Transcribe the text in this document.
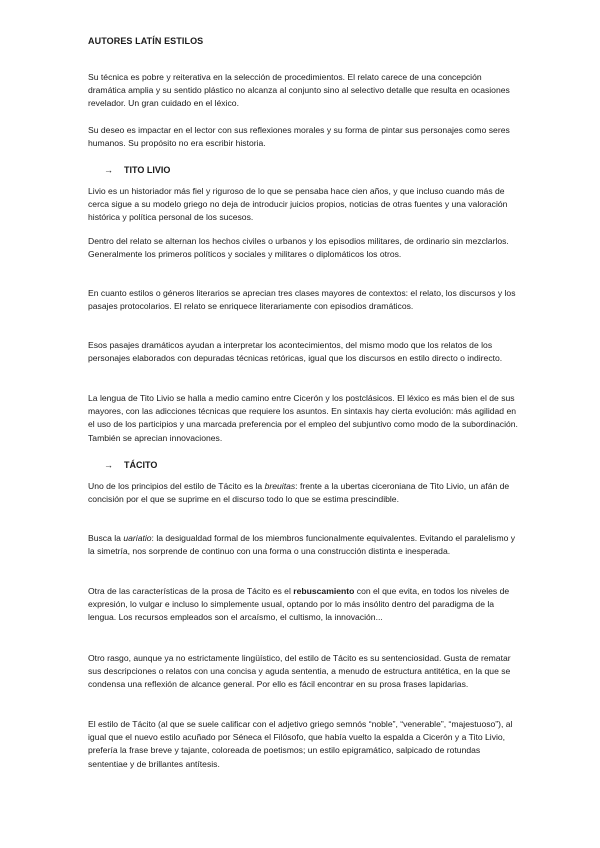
AUTORES LATÍN ESTILOS

Su técnica es pobre y reiterativa en la selección de procedimientos. El relato carece de una concepción dramática amplia y su sentido plástico no alcanza al conjunto sino al selectivo detalle que resulta en ocasiones revelador. Un gran cuidado en el léxico.

Su deseo es impactar en el lector con sus reflexiones morales y su forma de pintar sus personajes como seres humanos. Su propósito no era escribir historia.

→ TITO LIVIO

Livio es un historiador más fiel y riguroso de lo que se pensaba hace cien años, y que incluso cuando más de cerca sigue a su modelo griego no deja de introducir juicios propios, noticias de otras fuentes y una valoración histórica y política personal de los sucesos.

Dentro del relato se alternan los hechos civiles o urbanos y los episodios militares, de ordinario sin mezclarlos. Generalmente los primeros políticos y sociales y militares o diplomáticos los otros.

En cuanto estilos o géneros literarios se aprecian tres clases mayores de contextos: el relato, los discursos y los pasajes protocolarios. El relato se enriquece literariamente con episodios dramáticos.

Esos pasajes dramáticos ayudan a interpretar los acontecimientos, del mismo modo que los relatos de los personajes elaborados con depuradas técnicas retóricas, igual que los discursos en estilo directo o indirecto.

La lengua de Tito Livio se halla a medio camino entre Cicerón y los postclásicos. El léxico es más bien el de sus mayores, con las adicciones técnicas que requiere los asuntos. En sintaxis hay cierta evolución: más agilidad en el uso de los participios y una marcada preferencia por el empleo del subjuntivo como modo de la subordinación. También se aprecian innovaciones.

→ TÁCITO

Uno de los principios del estilo de Tácito es la breuitas: frente a la ubertas ciceroniana de Tito Livio, un afán de concisión por el que se suprime en el discurso todo lo que se estima prescindible.

Busca la uariatio: la desigualdad formal de los miembros funcionalmente equivalentes. Evitando el paralelismo y la simetría, nos sorprende de continuo con una forma o una construcción distinta e inesperada.

Otra de las características de la prosa de Tácito es el rebuscamiento con el que evita, en todos los niveles de expresión, lo vulgar e incluso lo simplemente usual, optando por lo más insólito dentro del paradigma de la lengua. Los recursos empleados son el arcaísmo, el cultismo, la innovación...

Otro rasgo, aunque ya no estrictamente lingüístico, del estilo de Tácito es su sentenciosidad. Gusta de rematar sus descripciones o relatos con una concisa y aguda sententia, a menudo de estructura antitética, en la que se condensa una reflexión de alcance general. Por ello es fácil encontrar en su prosa frases lapidarias.

El estilo de Tácito (al que se suele calificar con el adjetivo griego semnós “noble”, “venerable”, “majestuoso”), al igual que el nuevo estilo acuñado por Séneca el Filósofo, que había vuelto la espalda a Cicerón y a Tito Livio, prefería la frase breve y tajante, coloreada de poetismos; un estilo epigramático, salpicado de rotundas sententiae y de brillantes antítesis.
